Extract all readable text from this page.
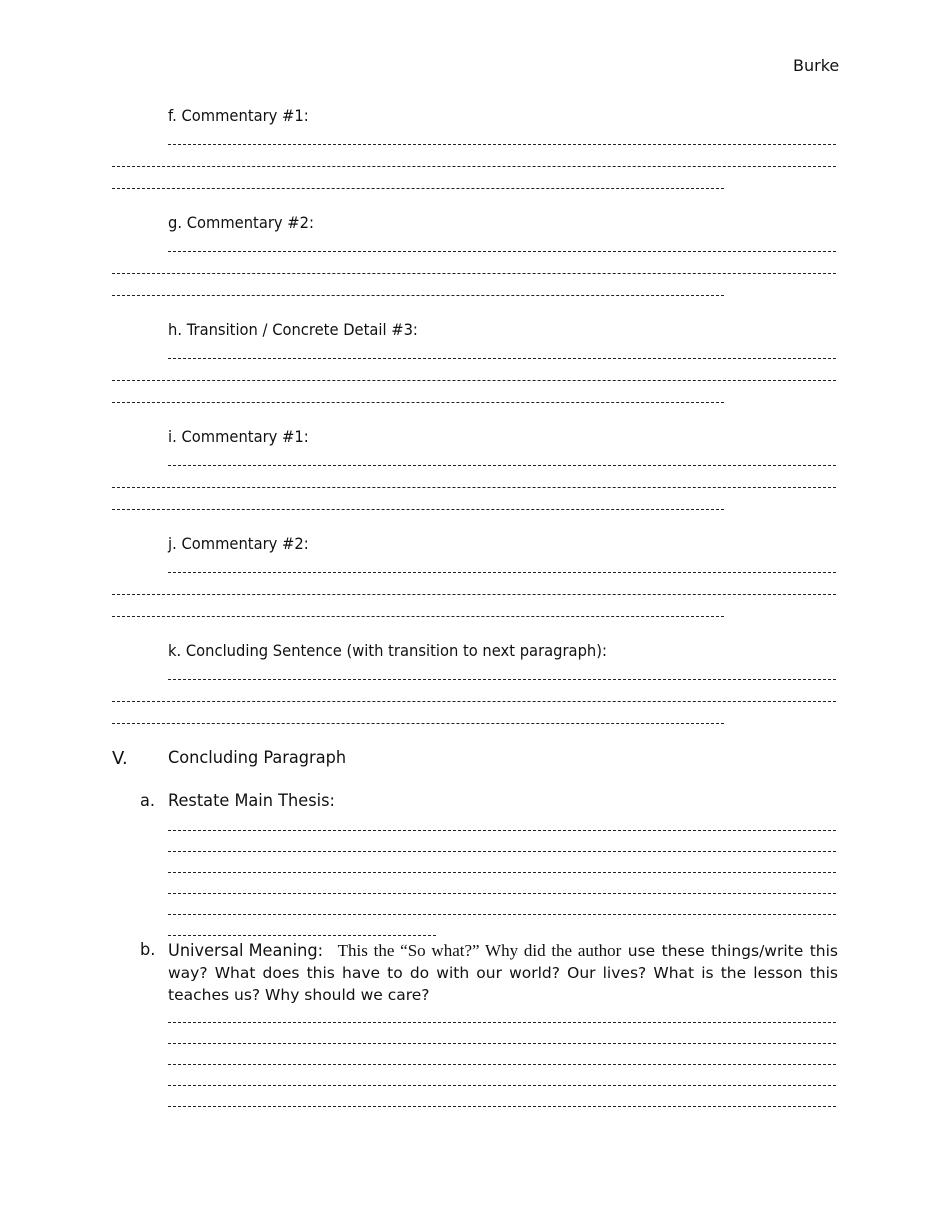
Burke
f. Commentary #1:
g. Commentary #2:
h. Transition / Concrete Detail #3:
i. Commentary #1:
j. Commentary #2:
k. Concluding Sentence (with transition to next paragraph):
V. Concluding Paragraph
a. Restate Main Thesis:
b. Universal Meaning: This the “So what?” Why did the author use these things/write this way? What does this have to do with our world? Our lives? What is the lesson this teaches us? Why should we care?
